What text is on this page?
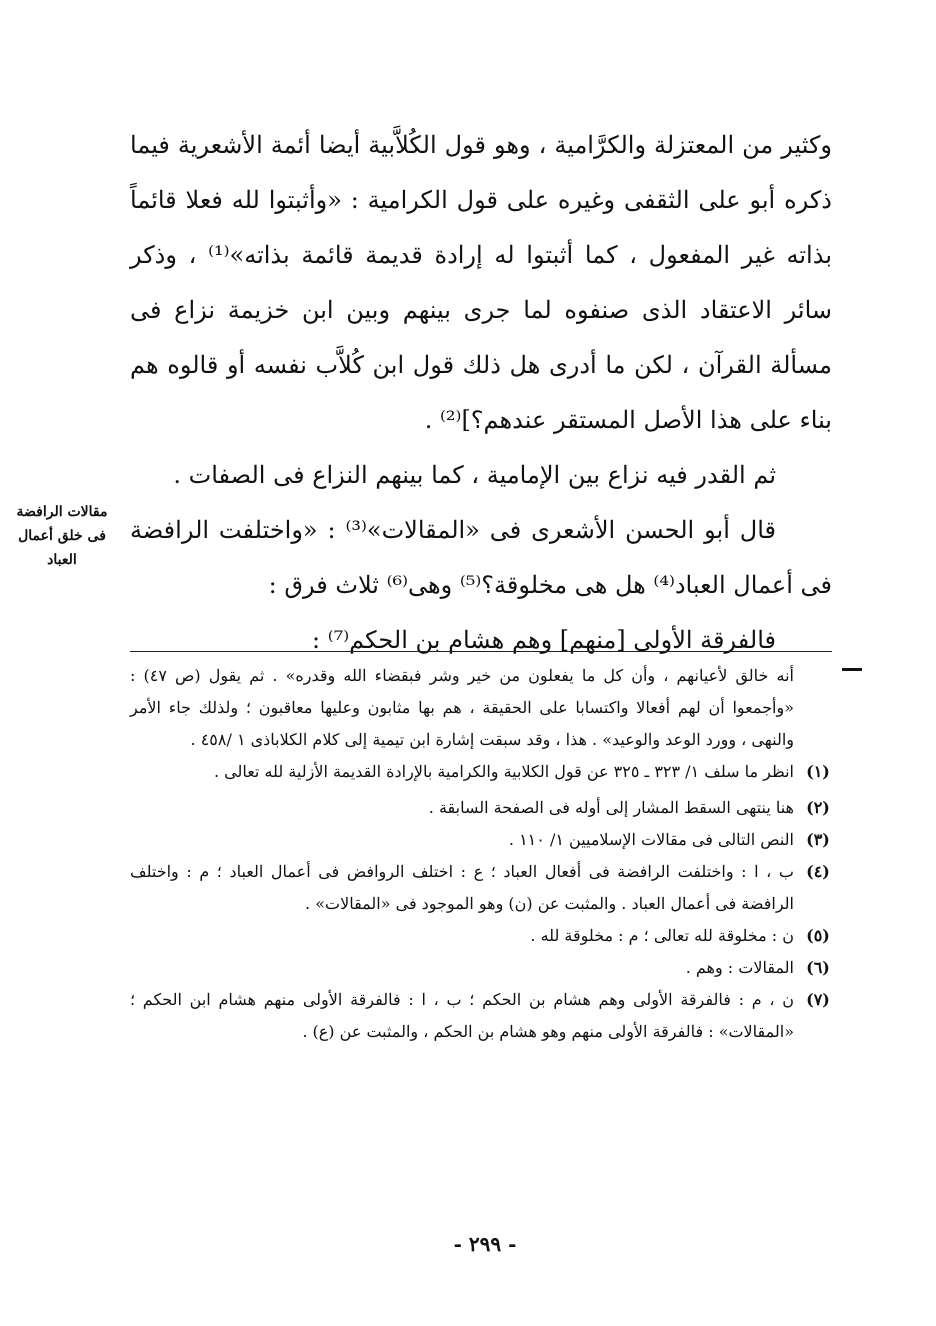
وكثير من المعتزلة والكرَّامية ، وهو قول الكُلاَّبية أيضا أئمة الأشعرية فيما ذكره أبو على الثقفى وغيره على قول الكرامية : «وأثبتوا لله فعلا قائماً بذاته غير المفعول ، كما أثبتوا له إرادة قديمة قائمة بذاته»⁽¹⁾ ، وذكر سائر الاعتقاد الذى صنفوه لما جرى بينهم وبين ابن خزيمة نزاع فى مسألة القرآن ، لكن ما أدرى هل ذلك قول ابن كُلاَّب نفسه أو قالوه هم بناء على هذا الأصل المستقر عندهم؟]⁽²⁾ .

ثم القدر فيه نزاع بين الإمامية ، كما بينهم النزاع فى الصفات .

قال أبو الحسن الأشعرى فى «المقالات»⁽³⁾ : «واختلفت الرافضة فى أعمال العباد⁽⁴⁾ هل هى مخلوقة؟⁽⁵⁾ وهى⁽⁶⁾ ثلاث فرق :

فالفرقة الأولى [منهم] وهم هشام بن الحكم⁽⁷⁾ :

مقالات الرافضة
فى خلق أعمال
العباد
أنه خالق لأعيانهم ، وأن كل ما يفعلون من خير وشر فبقضاء الله وقدره» . ثم يقول (ص ٤٧) : «وأجمعوا أن لهم أفعالا واكتسابا على الحقيقة ، هم بها مثابون وعليها معاقبون ؛ ولذلك جاء الأمر والنهى ، وورد الوعد والوعيد» . هذا ، وقد سبقت إشارة ابن تيمية إلى كلام الكلاباذى ١ /٤٥٨ .
(١)
انظر ما سلف ١/ ٣٢٣ ـ ٣٢٥ عن قول الكلابية والكرامية بالإرادة القديمة الأزلية لله تعالى .
(٢)
هنا ينتهى السقط المشار إلى أوله فى الصفحة السابقة .
(٣)
النص التالى فى مقالات الإسلاميين ١/ ١١٠ .
(٤)
ب ، ا : واختلفت الرافضة فى أفعال العباد ؛ ع : اختلف الروافض فى أعمال العباد ؛ م : واختلف الرافضة فى أعمال العباد . والمثبت عن (ن) وهو الموجود فى «المقالات» .
(٥)
ن : مخلوقة لله تعالى ؛ م : مخلوقة لله .
(٦)
المقالات : وهم .
(٧)
ن ، م : فالفرقة الأولى وهم هشام بن الحكم ؛ ب ، ا : فالفرقة الأولى منهم هشام ابن الحكم ؛ «المقالات» : فالفرقة الأولى منهم وهو هشام بن الحكم ، والمثبت عن (ع) .
- ٢٩٩ -
